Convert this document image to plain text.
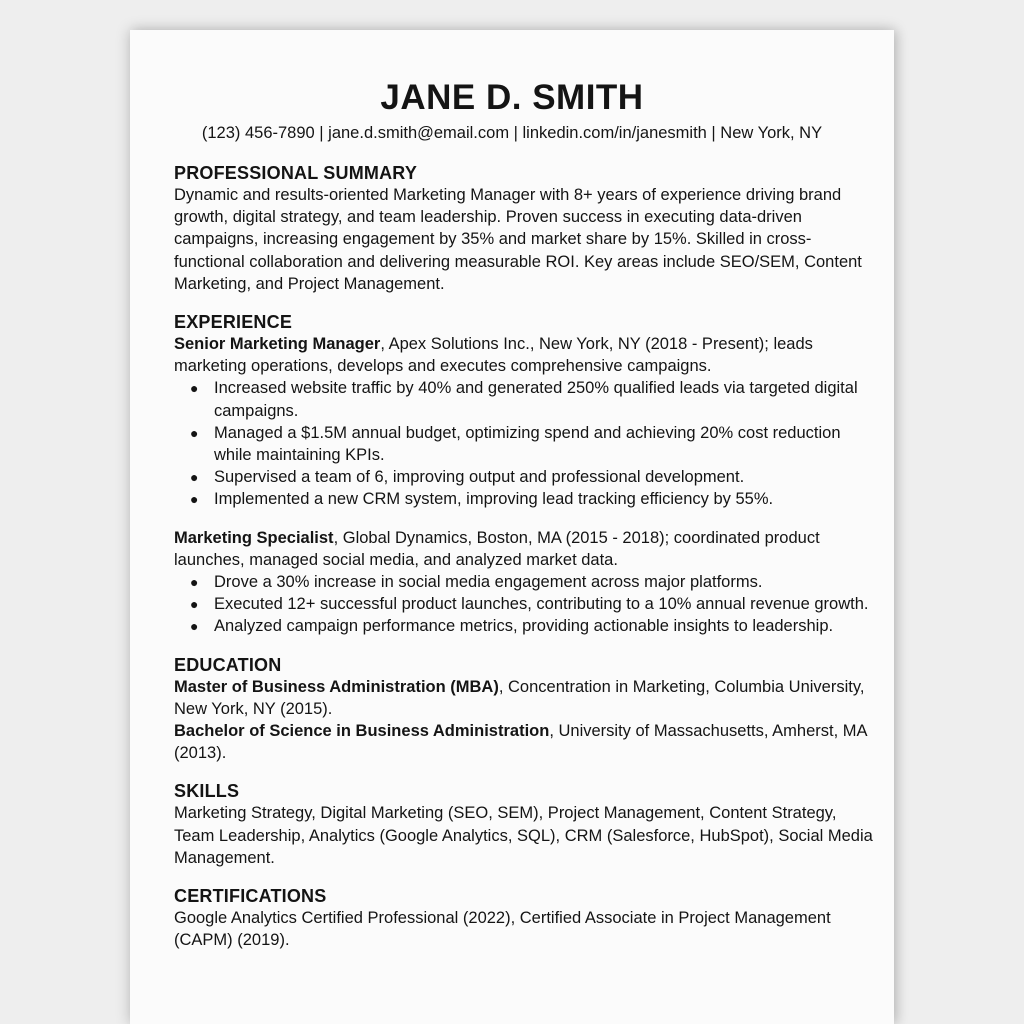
JANE D. SMITH

(123) 456-7890 | jane.d.smith@email.com | linkedin.com/in/janesmith | New York, NY

PROFESSIONAL SUMMARY

Dynamic and results-oriented Marketing Manager with 8+ years of experience driving brand growth, digital strategy, and team leadership. Proven success in executing data-driven campaigns, increasing engagement by 35% and market share by 15%. Skilled in cross-functional collaboration and delivering measurable ROI. Key areas include SEO/SEM, Content Marketing, and Project Management.

EXPERIENCE

Senior Marketing Manager, Apex Solutions Inc., New York, NY (2018 - Present); leads marketing operations, develops and executes comprehensive campaigns.

● Increased website traffic by 40% and generated 250% qualified leads via targeted digital campaigns.
● Managed a $1.5M annual budget, optimizing spend and achieving 20% cost reduction while maintaining KPIs.
● Supervised a team of 6, improving output and professional development.
● Implemented a new CRM system, improving lead tracking efficiency by 55%.

Marketing Specialist, Global Dynamics, Boston, MA (2015 - 2018); coordinated product launches, managed social media, and analyzed market data.

● Drove a 30% increase in social media engagement across major platforms.
● Executed 12+ successful product launches, contributing to a 10% annual revenue growth.
● Analyzed campaign performance metrics, providing actionable insights to leadership.
EDUCATION

Master of Business Administration (MBA), Concentration in Marketing, Columbia University, New York, NY (2015).

Bachelor of Science in Business Administration, University of Massachusetts, Amherst, MA (2013).

SKILLS

Marketing Strategy, Digital Marketing (SEO, SEM), Project Management, Content Strategy, Team Leadership, Analytics (Google Analytics, SQL), CRM (Salesforce, HubSpot), Social Media Management.

CERTIFICATIONS

Google Analytics Certified Professional (2022), Certified Associate in Project Management (CAPM) (2019).
